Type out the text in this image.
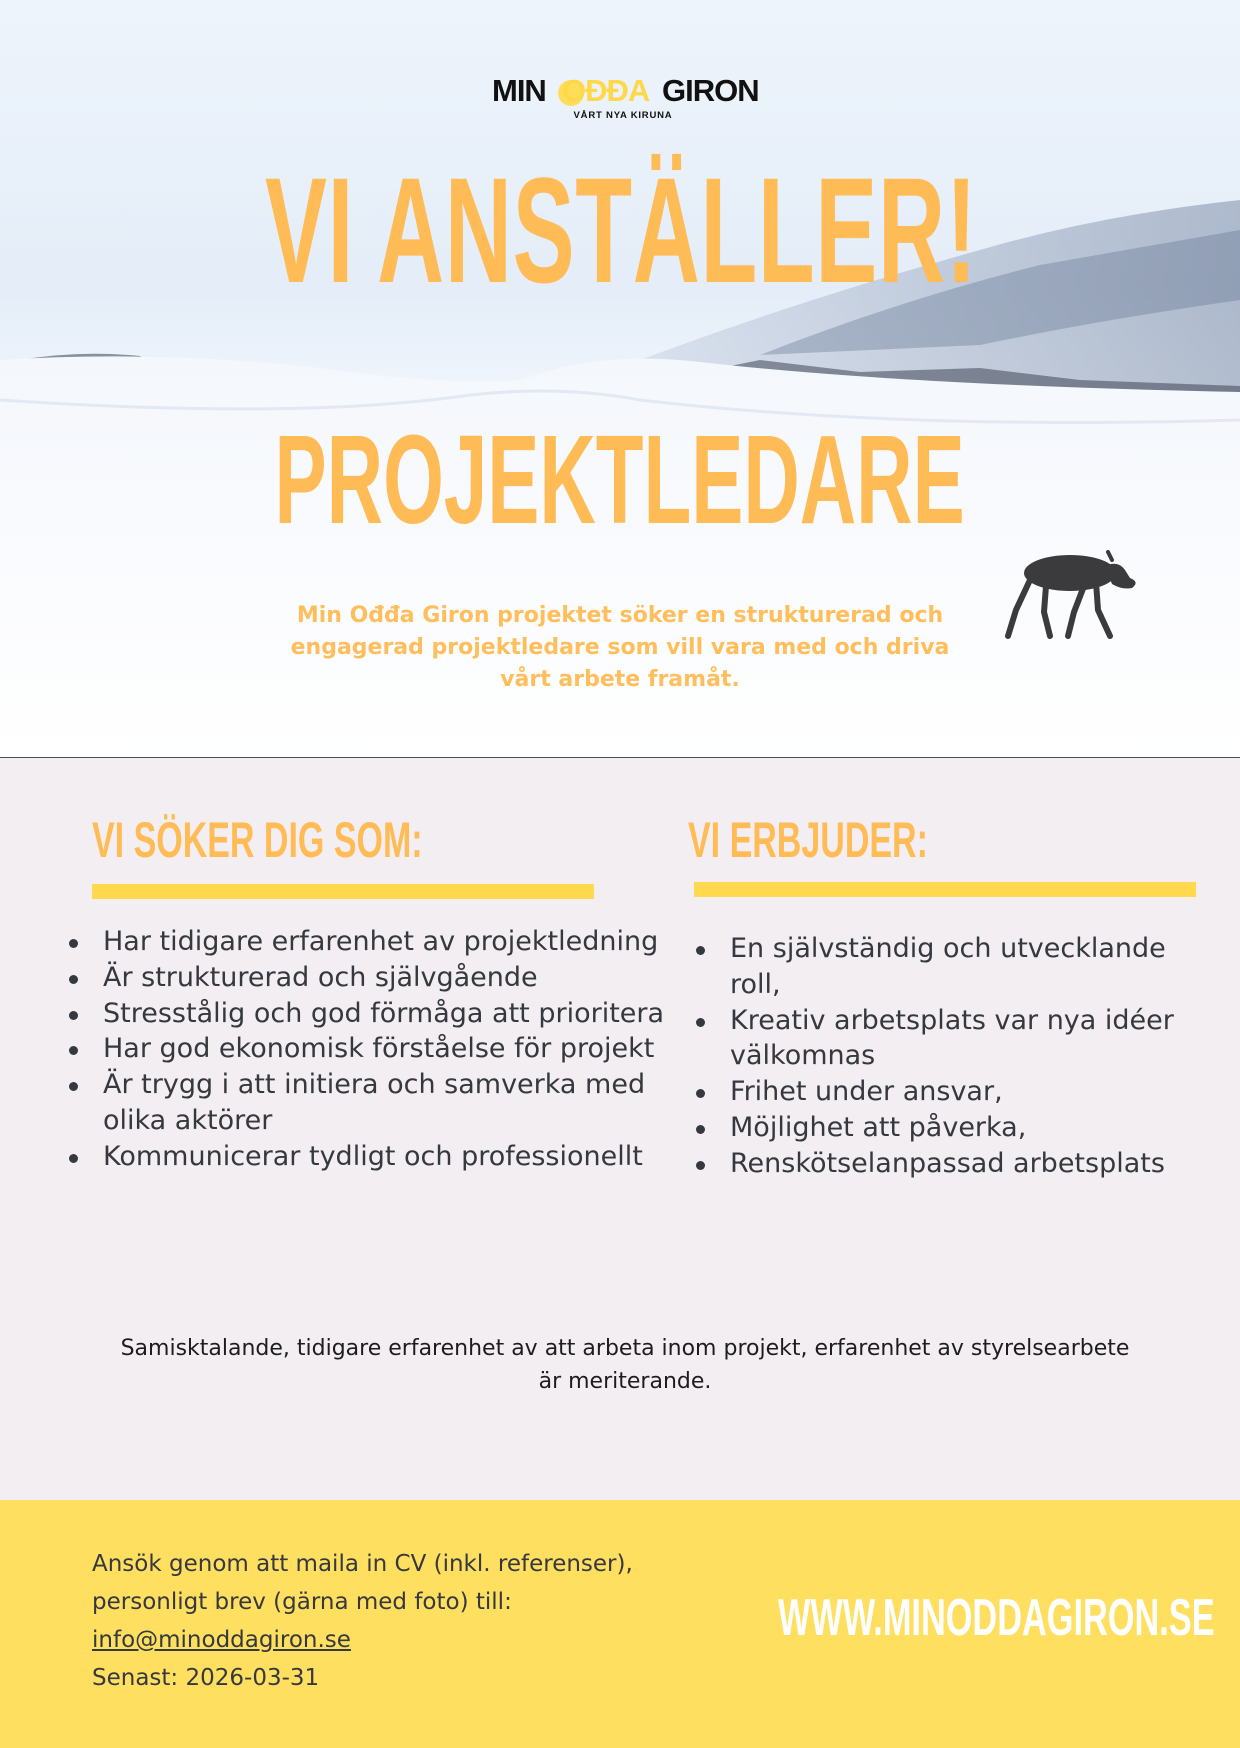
MIN OĐĐA GIRON
VÅRT NYA KIRUNA
VI ANSTÄLLER!
PROJEKTLEDARE

Min Ođđa Giron projektet söker en strukturerad och engagerad projektledare som vill vara med och driva vårt arbete framåt.

VI SÖKER DIG SOM:
Har tidigare erfarenhet av projektledning
Är strukturerad och självgående
Stresstålig och god förmåga att prioritera
Har god ekonomisk förståelse för projekt
Är trygg i att initiera och samverka med olika aktörer
Kommunicerar tydligt och professionellt
VI ERBJUDER:
En självständig och utvecklande roll,
Kreativ arbetsplats var nya idéer välkomnas
Frihet under ansvar,
Möjlighet att påverka,
Renskötselanpassad arbetsplats

Samisktalande, tidigare erfarenhet av att arbeta inom projekt, erfarenhet av styrelsearbete är meriterande.

Ansök genom att maila in CV (inkl. referenser),
personligt brev (gärna med foto) till:
info@minoddagiron.se
Senast: 2026-03-31
WWW.MINODDAGIRON.SE
